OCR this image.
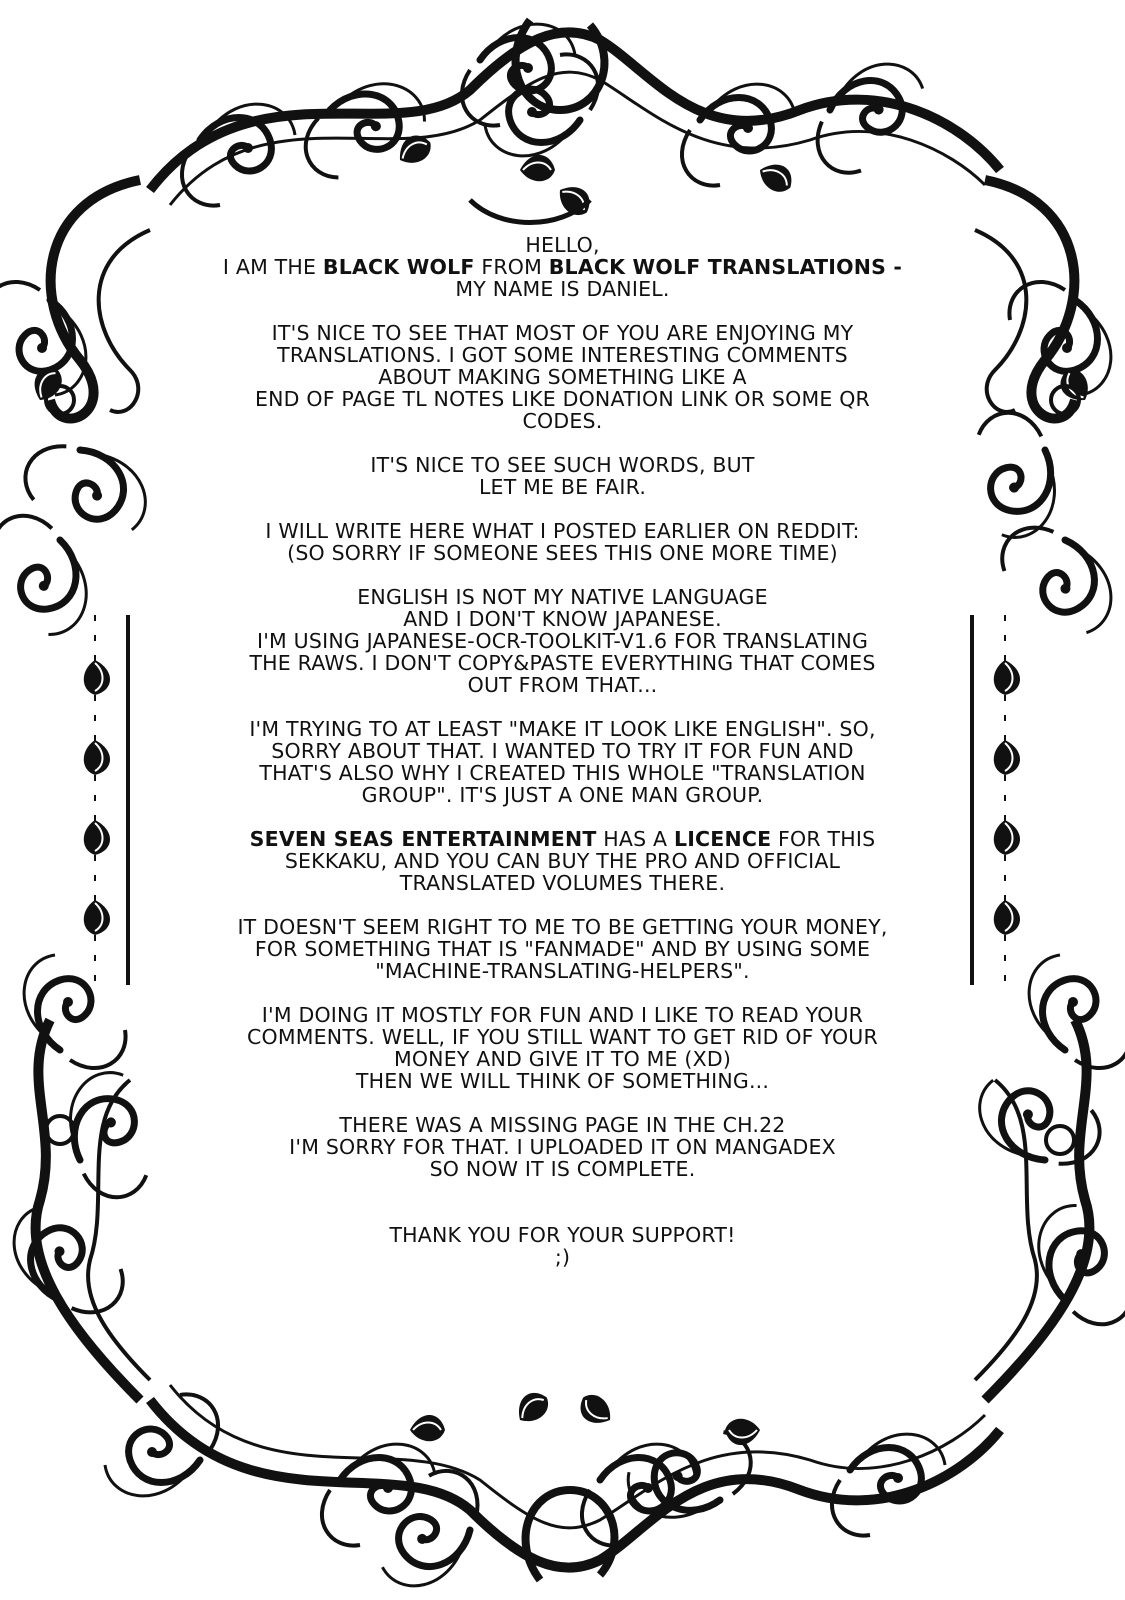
HELLO,
I AM THE BLACK WOLF FROM BLACK WOLF TRANSLATIONS -
MY NAME IS DANIEL.

IT'S NICE TO SEE THAT MOST OF YOU ARE ENJOYING MY
TRANSLATIONS. I GOT SOME INTERESTING COMMENTS
ABOUT MAKING SOMETHING LIKE A
END OF PAGE TL NOTES LIKE DONATION LINK OR SOME QR
CODES.

IT'S NICE TO SEE SUCH WORDS, BUT
LET ME BE FAIR.

I WILL WRITE HERE WHAT I POSTED EARLIER ON REDDIT:
(SO SORRY IF SOMEONE SEES THIS ONE MORE TIME)

ENGLISH IS NOT MY NATIVE LANGUAGE
AND I DON'T KNOW JAPANESE.
I'M USING JAPANESE-OCR-TOOLKIT-V1.6 FOR TRANSLATING
THE RAWS. I DON'T COPY&PASTE EVERYTHING THAT COMES
OUT FROM THAT...

I'M TRYING TO AT LEAST "MAKE IT LOOK LIKE ENGLISH". SO,
SORRY ABOUT THAT. I WANTED TO TRY IT FOR FUN AND
THAT'S ALSO WHY I CREATED THIS WHOLE "TRANSLATION
GROUP". IT'S JUST A ONE MAN GROUP.

SEVEN SEAS ENTERTAINMENT HAS A LICENCE FOR THIS
SEKKAKU, AND YOU CAN BUY THE PRO AND OFFICIAL
TRANSLATED VOLUMES THERE.

IT DOESN'T SEEM RIGHT TO ME TO BE GETTING YOUR MONEY,
FOR SOMETHING THAT IS "FANMADE" AND BY USING SOME
"MACHINE-TRANSLATING-HELPERS".

I'M DOING IT MOSTLY FOR FUN AND I LIKE TO READ YOUR
COMMENTS. WELL, IF YOU STILL WANT TO GET RID OF YOUR
MONEY AND GIVE IT TO ME (XD)
THEN WE WILL THINK OF SOMETHING...

THERE WAS A MISSING PAGE IN THE CH.22
I'M SORRY FOR THAT. I UPLOADED IT ON MANGADEX
SO NOW IT IS COMPLETE.

THANK YOU FOR YOUR SUPPORT!
;)
